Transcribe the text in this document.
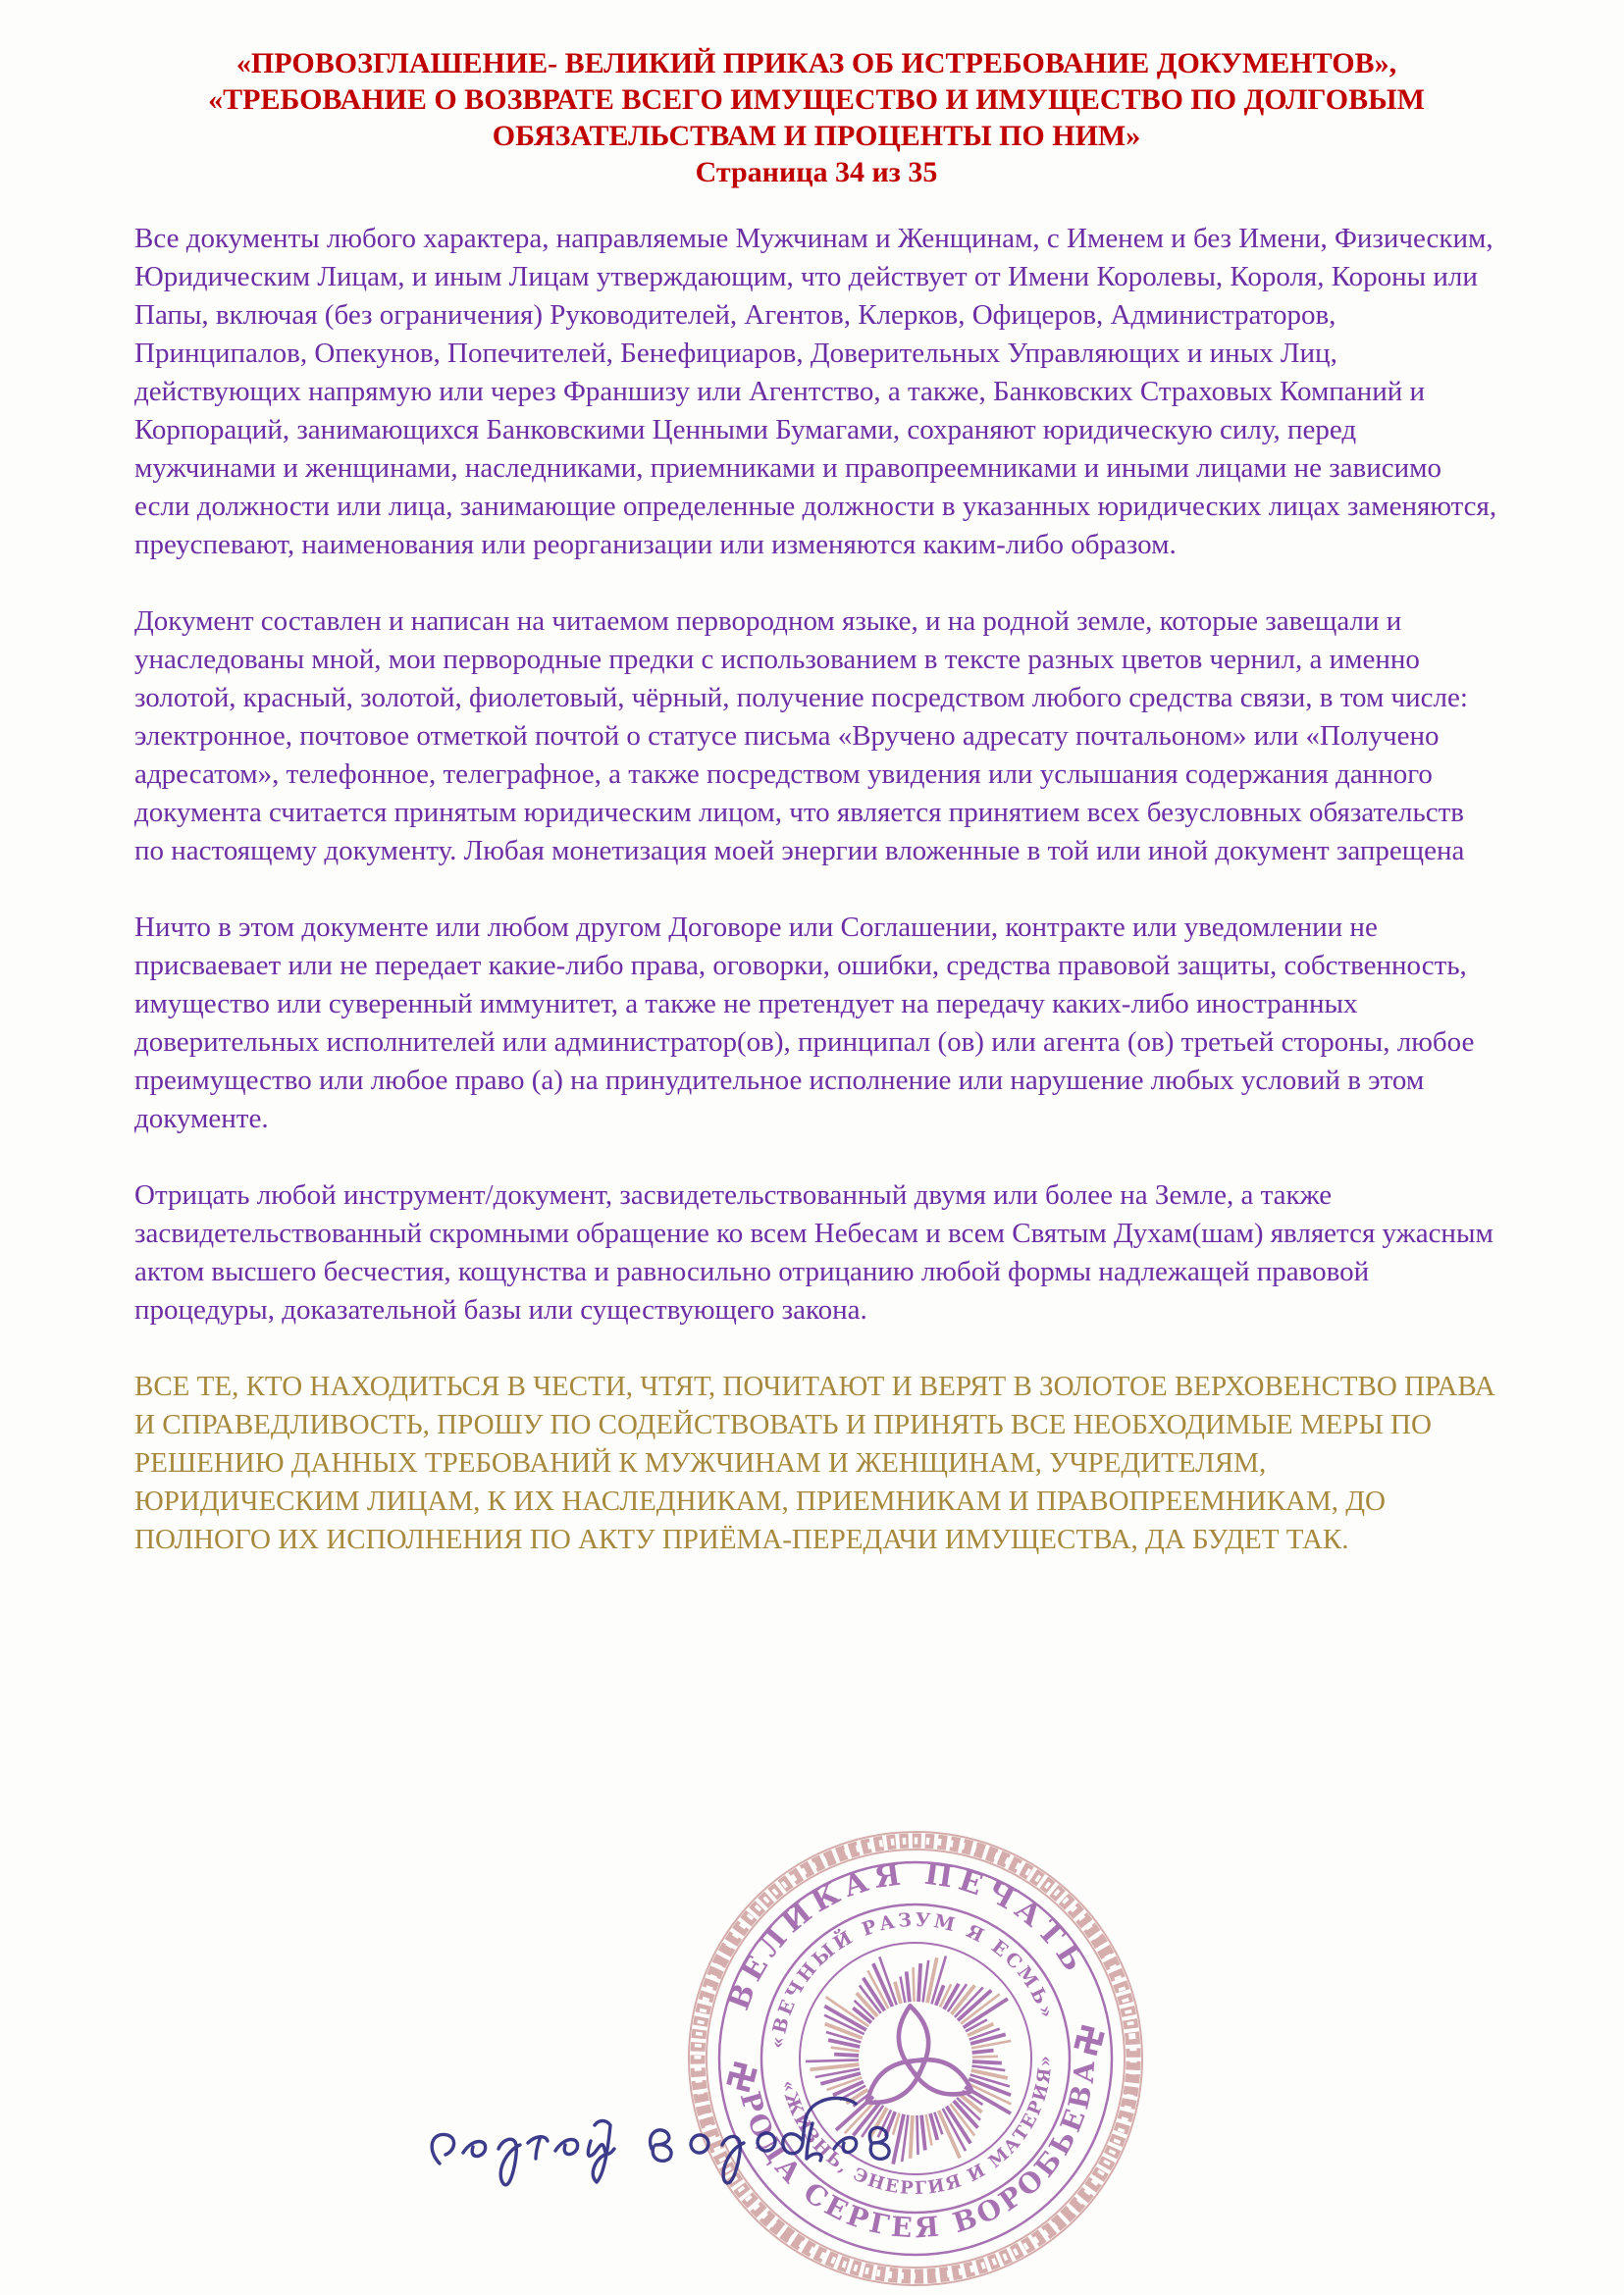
«ПРОВОЗГЛАШЕНИЕ- ВЕЛИКИЙ ПРИКАЗ ОБ ИСТРЕБОВАНИЕ ДОКУМЕНТОВ», «ТРЕБОВАНИЕ О ВОЗВРАТЕ ВСЕГО ИМУЩЕСТВО И ИМУЩЕСТВО ПО ДОЛГОВЫМ ОБЯЗАТЕЛЬСТВАМ И ПРОЦЕНТЫ ПО НИМ»
Страница 34 из 35

Все документы любого характера, направляемые Мужчинам и Женщинам, с Именем и без Имени, Физическим, Юридическим Лицам, и иным Лицам утверждающим, что действует от Имени Королевы, Короля, Короны или Папы, включая (без ограничения) Руководителей, Агентов, Клерков, Офицеров, Администраторов, Принципалов, Опекунов, Попечителей, Бенефициаров, Доверительных Управляющих и иных Лиц, действующих напрямую или через Франшизу или Агентство, а также, Банковских Страховых Компаний и Корпораций, занимающихся Банковскими Ценными Бумагами, сохраняют юридическую силу, перед мужчинами и женщинами, наследниками, приемниками и правопреемниками и иными лицами не зависимо если должности или лица, занимающие определенные должности в указанных юридических лицах заменяются, преуспевают, наименования или реорганизации или изменяются каким-либо образом.

Документ составлен и написан на читаемом первородном языке, и на родной земле, которые завещали и унаследованы мной, мои первородные предки с использованием в тексте разных цветов чернил, а именно золотой, красный, золотой, фиолетовый, чёрный, получение посредством любого средства связи, в том числе: электронное, почтовое отметкой почтой о статусе письма «Вручено адресату почтальоном» или «Получено адресатом», телефонное, телеграфное, а также посредством увидения или услышания содержания данного документа считается принятым юридическим лицом, что является принятием всех безусловных обязательств по настоящему документу. Любая монетизация моей энергии вложенные в той или иной документ запрещена

Ничто в этом документе или любом другом Договоре или Соглашении, контракте или уведомлении не присваевает или не передает какие-либо права, оговорки, ошибки, средства правовой защиты, собственность, имущество или суверенный иммунитет, а также не претендует на передачу каких-либо иностранных доверительных исполнителей или администратор(ов), принципал (ов) или агента (ов) третьей стороны, любое преимущество или любое право (а) на принудительное исполнение или нарушение любых условий в этом документе.

Отрицать любой инструмент/документ, засвидетельствованный двумя или более на Земле, а также засвидетельствованный скромными обращение ко всем Небесам и всем Святым Духам(шам) является ужасным актом высшего бесчестия, кощунства и равносильно отрицанию любой формы надлежащей правовой процедуры, доказательной базы или существующего закона.

ВСЕ ТЕ, КТО НАХОДИТЬСЯ В ЧЕСТИ, ЧТЯТ, ПОЧИТАЮТ И ВЕРЯТ В ЗОЛОТОЕ ВЕРХОВЕНСТВО ПРАВА И СПРАВЕДЛИВОСТЬ, ПРОШУ ПО СОДЕЙСТВОВАТЬ И ПРИНЯТЬ ВСЕ НЕОБХОДИМЫЕ МЕРЫ ПО РЕШЕНИЮ ДАННЫХ ТРЕБОВАНИЙ К МУЖЧИНАМ И ЖЕНЩИНАМ, УЧРЕДИТЕЛЯМ, ЮРИДИЧЕСКИМ ЛИЦАМ, К ИХ НАСЛЕДНИКАМ, ПРИЕМНИКАМ И ПРАВОПРЕЕМНИКАМ, ДО ПОЛНОГО ИХ ИСПОЛНЕНИЯ ПО АКТУ ПРИЁМА-ПЕРЕДАЧИ ИМУЩЕСТВА, ДА БУДЕТ ТАК.

ВЕЛИКАЯ ПЕЧАТЬ
РОДА СЕРГЕЯ ВОРОБЬЕВА
«ВЕЧНЫЙ РАЗУМ Я ЕСМЬ»
«ЖИЗНЬ, ЭНЕРГИЯ И МАТЕРИЯ»
